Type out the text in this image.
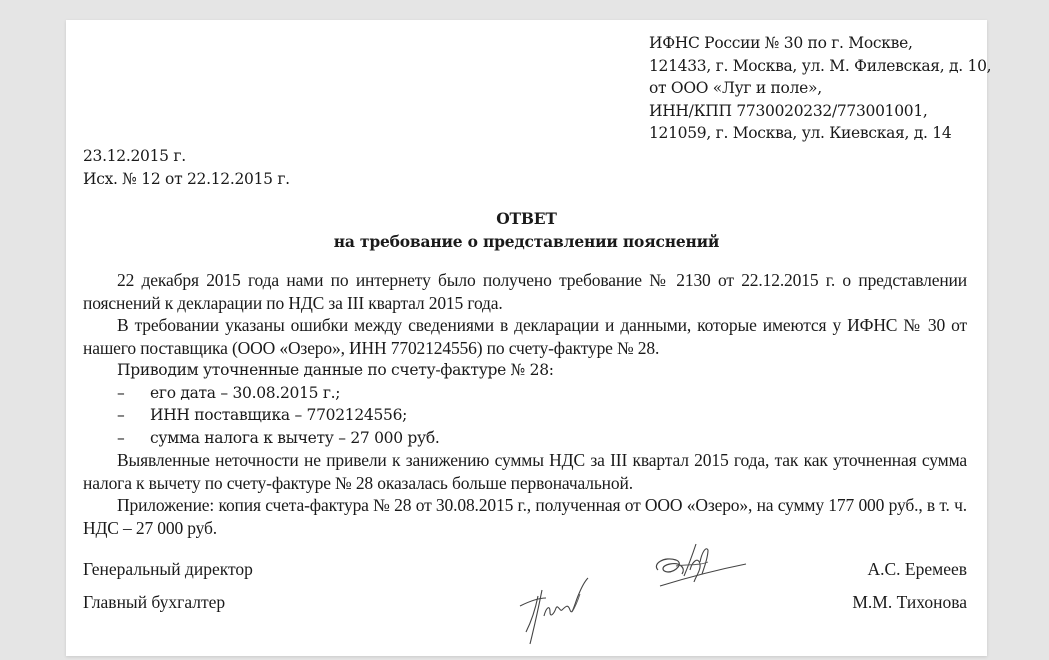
ИФНС России № 30 по г. Москве,
121433, г. Москва, ул. М. Филевская, д. 10,
от ООО «Луг и поле»,
ИНН/КПП 7730020232/773001001,
121059, г. Москва, ул. Киевская, д. 14
23.12.2015 г.
Исх. № 12 от 22.12.2015 г.
ОТВЕТ
на требование о представлении пояснений

22 декабря 2015 года нами по интернету было получено требование № 2130 от 22.12.2015 г. о представлении пояснений к декларации по НДС за III квартал 2015 года.

В требовании указаны ошибки между сведениями в декларации и данными, которые имеются у ИФНС № 30 от нашего поставщика (ООО «Озеро», ИНН 7702124556) по счету-фактуре № 28.

Приводим уточненные данные по счету-фактуре № 28:

– его дата – 30.08.2015 г.;
– ИНН поставщика – 7702124556;
– сумма налога к вычету – 27 000 руб.

Выявленные неточности не привели к занижению суммы НДС за III квартал 2015 года, так как уточненная сумма налога к вычету по счету-фактуре № 28 оказалась больше первоначальной.

Приложение: копия счета-фактура № 28 от 30.08.2015 г., полученная от ООО «Озеро», на сумму 177 000 руб., в т. ч. НДС – 27 000 руб.

Генеральный директор	А.С. Еремеев
Главный бухгалтер	М.М. Тихонова
